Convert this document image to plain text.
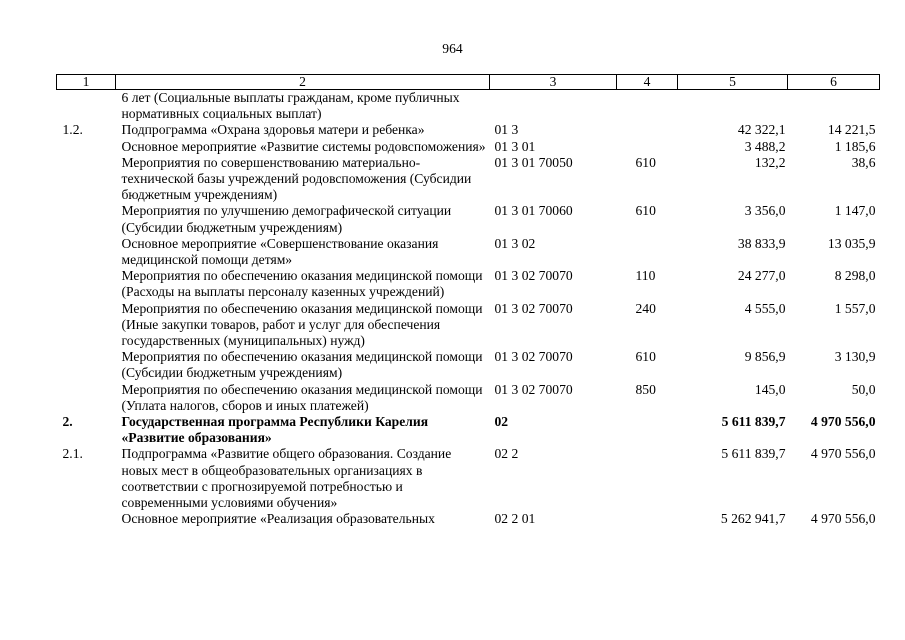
964
1	2	3	4	5	6
	6 лет (Социальные выплаты гражданам, кроме публичных нормативных социальных выплат)				
1.2.	Подпрограмма «Охрана здоровья матери и ребенка»	01 3		42 322,1	14 221,5
	Основное мероприятие «Развитие системы родовспоможения»	01 3 01		3 488,2	1 185,6
	Мероприятия по совершенствованию материально-технической базы учреждений родовспоможения (Субсидии бюджетным учреждениям)	01 3 01 70050	610	132,2	38,6
	Мероприятия по улучшению демографической ситуации (Субсидии бюджетным учреждениям)	01 3 01 70060	610	3 356,0	1 147,0
	Основное мероприятие «Совершенствование оказания медицинской помощи детям»	01 3 02		38 833,9	13 035,9
	Мероприятия по обеспечению оказания медицинской помощи (Расходы на выплаты персоналу казенных учреждений)	01 3 02 70070	110	24 277,0	8 298,0
	Мероприятия по обеспечению оказания медицинской помощи (Иные закупки товаров, работ и услуг для обеспечения государственных (муниципальных) нужд)	01 3 02 70070	240	4 555,0	1 557,0
	Мероприятия по обеспечению оказания медицинской помощи (Субсидии бюджетным учреждениям)	01 3 02 70070	610	9 856,9	3 130,9
	Мероприятия по обеспечению оказания медицинской помощи (Уплата налогов, сборов и иных платежей)	01 3 02 70070	850	145,0	50,0
2.	Государственная программа Республики Карелия «Развитие образования»	02		5 611 839,7	4 970 556,0
2.1.	Подпрограмма «Развитие общего образования. Создание новых мест в общеобразовательных организациях в соответствии с прогнозируемой потребностью и современными условиями обучения»	02 2		5 611 839,7	4 970 556,0
	Основное мероприятие «Реализация образовательных	02 2 01		5 262 941,7	4 970 556,0
